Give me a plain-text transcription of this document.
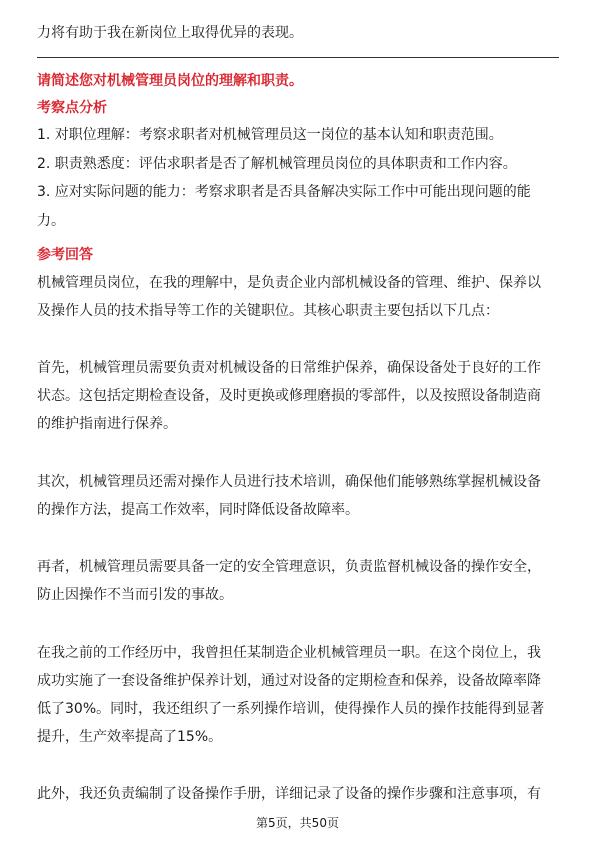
力将有助于我在新岗位上取得优异的表现。
请简述您对机械管理员岗位的理解和职责。
考察点分析
1. 对职位理解：考察求职者对机械管理员这一岗位的基本认知和职责范围。
2. 职责熟悉度：评估求职者是否了解机械管理员岗位的具体职责和工作内容。
3. 应对实际问题的能力：考察求职者是否具备解决实际工作中可能出现问题的能
力。
参考回答
机械管理员岗位，在我的理解中，是负责企业内部机械设备的管理、维护、保养以
及操作人员的技术指导等工作的关键职位。其核心职责主要包括以下几点：
首先，机械管理员需要负责对机械设备的日常维护保养，确保设备处于良好的工作
状态。这包括定期检查设备，及时更换或修理磨损的零部件，以及按照设备制造商
的维护指南进行保养。
其次，机械管理员还需对操作人员进行技术培训，确保他们能够熟练掌握机械设备
的操作方法，提高工作效率，同时降低设备故障率。
再者，机械管理员需要具备一定的安全管理意识，负责监督机械设备的操作安全，
防止因操作不当而引发的事故。
在我之前的工作经历中，我曾担任某制造企业机械管理员一职。在这个岗位上，我
成功实施了一套设备维护保养计划，通过对设备的定期检查和保养，设备故障率降
低了30%。同时，我还组织了一系列操作培训，使得操作人员的操作技能得到显著
提升，生产效率提高了15%。
此外，我还负责编制了设备操作手册，详细记录了设备的操作步骤和注意事项，有
第5页，共50页
